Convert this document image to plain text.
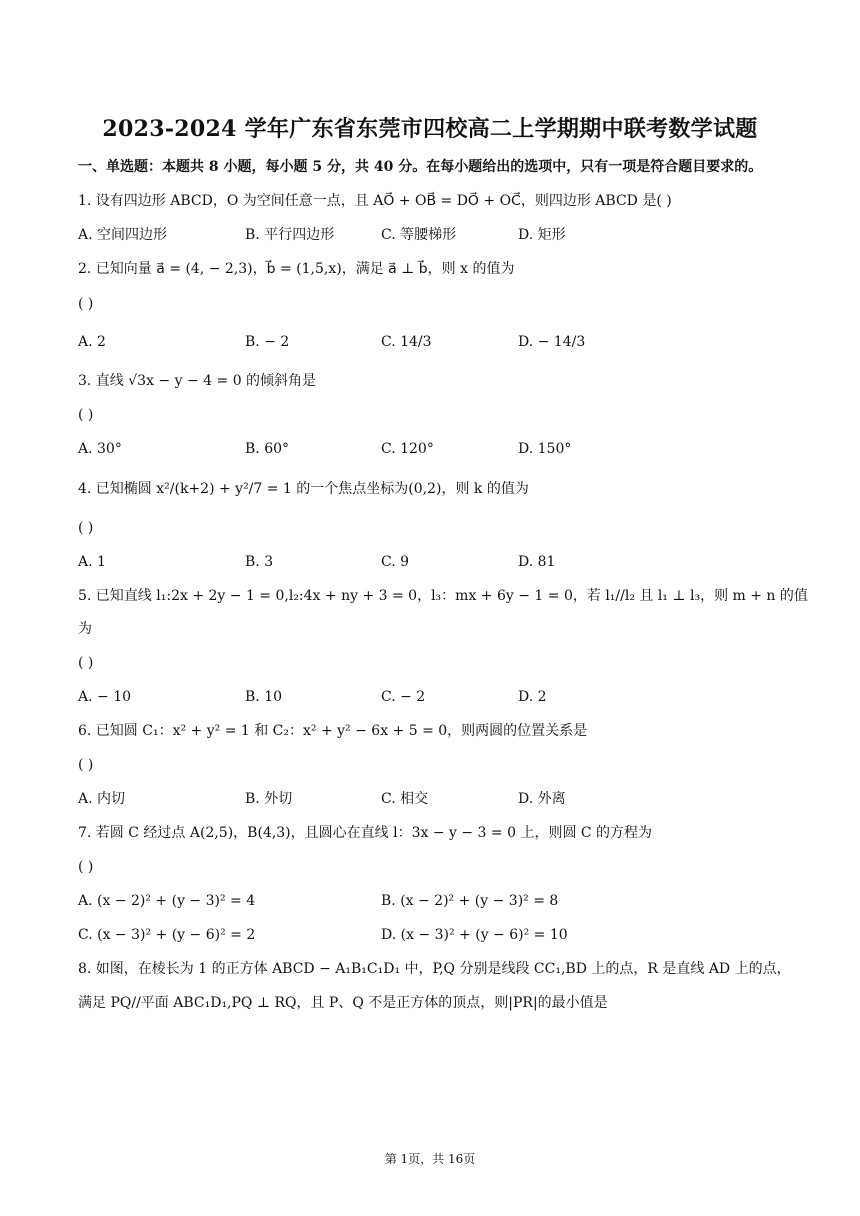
2023-2024 学年广东省东莞市四校高二上学期期中联考数学试题
一、单选题：本题共 8 小题，每小题 5 分，共 40 分。在每小题给出的选项中，只有一项是符合题目要求的。
1. 设有四边形 ABCD，O 为空间任意一点，且 AO⃗ + OB⃗ = DO⃗ + OC⃗，则四边形 ABCD 是( )
A. 空间四边形	B. 平行四边形	C. 等腰梯形	D. 矩形
2. 已知向量 a⃗ = (4, − 2,3)，b⃗ = (1,5,x)，满足 a⃗ ⊥ b⃗，则 x 的值为
( )
A. 2	B. − 2	C. 14/3	D. − 14/3
3. 直线 √3x − y − 4 = 0 的倾斜角是
( )
A. 30°	B. 60°	C. 120°	D. 150°
4. 已知椭圆 x²/(k+2) + y²/7 = 1 的一个焦点坐标为(0,2)，则 k 的值为
( )
A. 1	B. 3	C. 9	D. 81
5. 已知直线 l₁:2x + 2y − 1 = 0,l₂:4x + ny + 3 = 0，l₃：mx + 6y − 1 = 0，若 l₁//l₂ 且 l₁ ⊥ l₃，则 m + n 的值
为
( )
A. − 10	B. 10	C. − 2	D. 2
6. 已知圆 C₁：x² + y² = 1 和 C₂：x² + y² − 6x + 5 = 0，则两圆的位置关系是
( )
A. 内切	B. 外切	C. 相交	D. 外离
7. 若圆 C 经过点 A(2,5)，B(4,3)，且圆心在直线 l：3x − y − 3 = 0 上，则圆 C 的方程为
( )
A. (x − 2)² + (y − 3)² = 4	B. (x − 2)² + (y − 3)² = 8
C. (x − 3)² + (y − 6)² = 2	D. (x − 3)² + (y − 6)² = 10
8. 如图，在棱长为 1 的正方体 ABCD − A₁B₁C₁D₁ 中，P,Q 分别是线段 CC₁,BD 上的点，R 是直线 AD 上的点，
满足 PQ//平面 ABC₁D₁,PQ ⊥ RQ，且 P、Q 不是正方体的顶点，则|PR|的最小值是
第 1页，共 16页
